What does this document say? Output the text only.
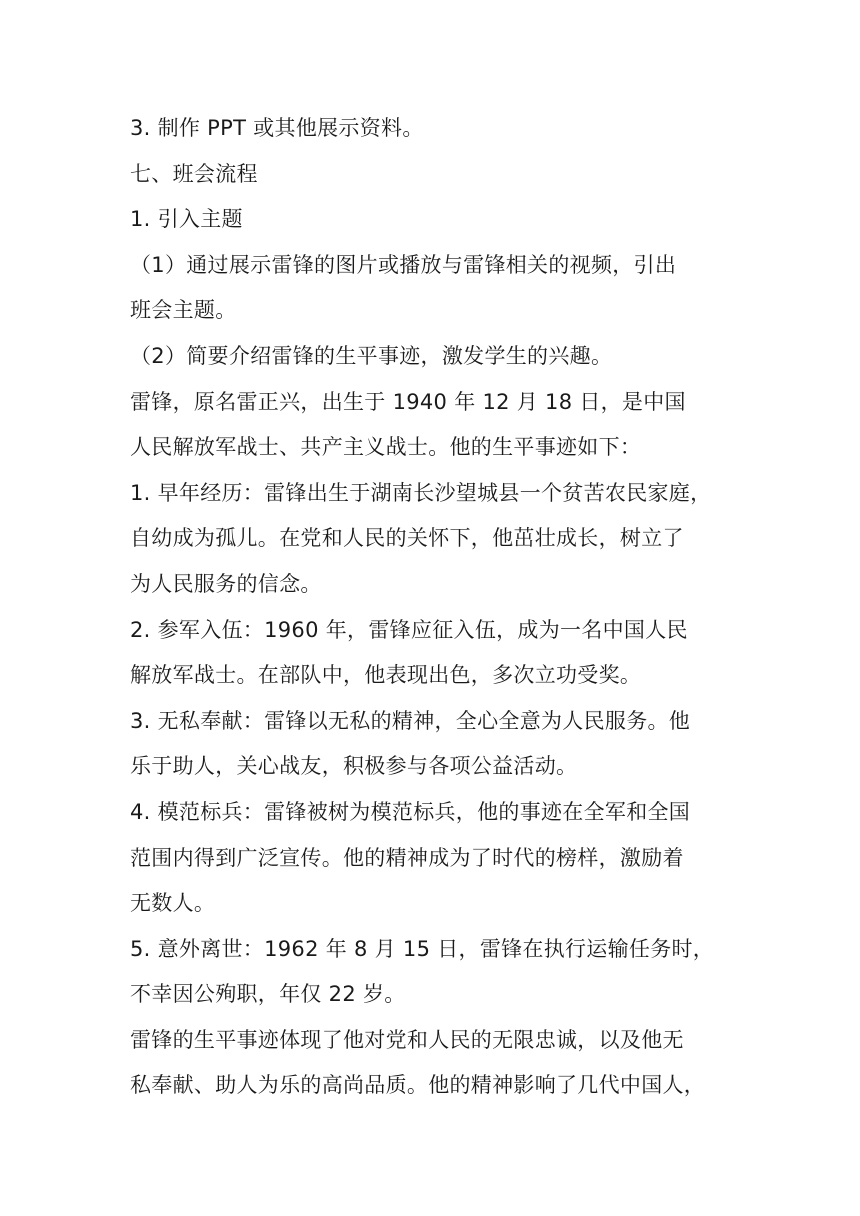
3. 制作 PPT 或其他展示资料。
七、班会流程
1. 引入主题
（1）通过展示雷锋的图片或播放与雷锋相关的视频，引出
班会主题。
（2）简要介绍雷锋的生平事迹，激发学生的兴趣。
雷锋，原名雷正兴，出生于 1940 年 12 月 18 日，是中国
人民解放军战士、共产主义战士。他的生平事迹如下：
1. 早年经历：雷锋出生于湖南长沙望城县一个贫苦农民家庭，
自幼成为孤儿。在党和人民的关怀下，他茁壮成长，树立了
为人民服务的信念。
2. 参军入伍：1960 年，雷锋应征入伍，成为一名中国人民
解放军战士。在部队中，他表现出色，多次立功受奖。
3. 无私奉献：雷锋以无私的精神，全心全意为人民服务。他
乐于助人，关心战友，积极参与各项公益活动。
4. 模范标兵：雷锋被树为模范标兵，他的事迹在全军和全国
范围内得到广泛宣传。他的精神成为了时代的榜样，激励着
无数人。
5. 意外离世：1962 年 8 月 15 日，雷锋在执行运输任务时，
不幸因公殉职，年仅 22 岁。
雷锋的生平事迹体现了他对党和人民的无限忠诚，以及他无
私奉献、助人为乐的高尚品质。他的精神影响了几代中国人，
